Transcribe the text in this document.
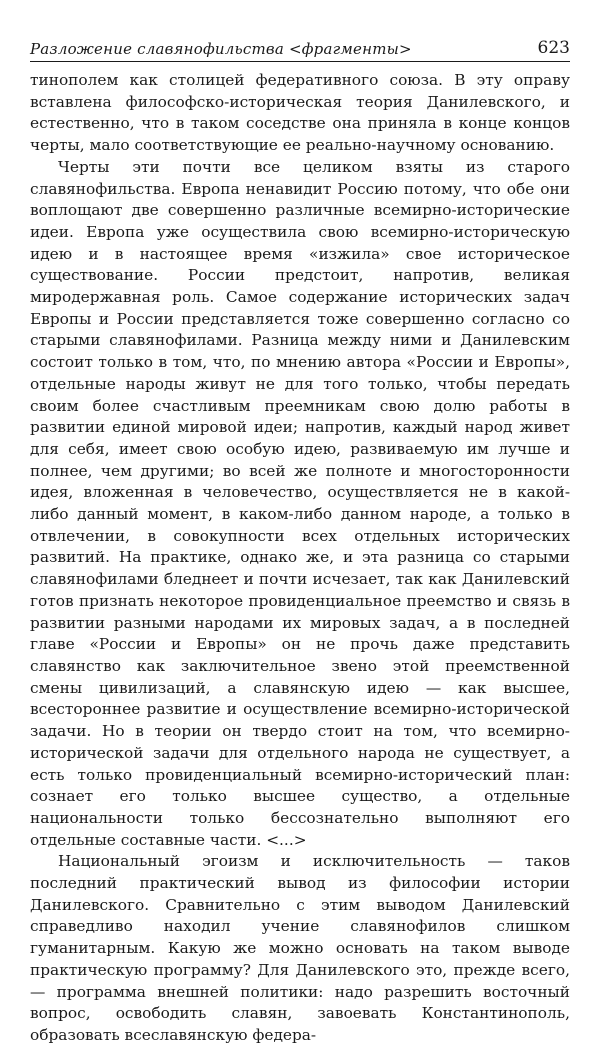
Разложение славянофильства <фрагменты>	623

тинополем как столицей федеративного союза. В эту оправу вставлена философско-историческая теория Данилевского, и естественно, что в таком соседстве она приняла в конце концов черты, мало соответствующие ее реально-научному основанию.

Черты эти почти все целиком взяты из старого славянофильства. Европа ненавидит Россию потому, что обе они воплощают две совершенно различные всемирно-исторические идеи. Европа уже осуществила свою всемирно-историческую идею и в настоящее время «изжила» свое историческое существование. России предстоит, напротив, великая миродержавная роль. Самое содержание исторических задач Европы и России представляется тоже совершенно согласно со старыми славянофилами. Разница между ними и Данилевским состоит только в том, что, по мнению автора «России и Европы», отдельные народы живут не для того только, чтобы передать своим более счастливым преемникам свою долю работы в развитии единой мировой идеи; напротив, каждый народ живет для себя, имеет свою особую идею, развиваемую им лучше и полнее, чем другими; во всей же полноте и многосторонности идея, вложенная в человечество, осуществляется не в какой-либо данный момент, в каком-либо данном народе, а только в отвлечении, в совокупности всех отдельных исторических развитий. На практике, однако же, и эта разница со старыми славянофилами бледнеет и почти исчезает, так как Данилевский готов признать некоторое провиденциальное преемство и связь в развитии разными народами их мировых задач, а в последней главе «России и Европы» он не прочь даже представить славянство как заключительное звено этой преемственной смены цивилизаций, а славянскую идею — как высшее, всестороннее развитие и осуществление всемирно-исторической задачи. Но в теории он твердо стоит на том, что всемирно-исторической задачи для отдельного народа не существует, а есть только провиденциальный всемирно-исторический план: сознает его только высшее существо, а отдельные национальности только бессознательно выполняют его отдельные составные части. <...>

Национальный эгоизм и исключительность — таков последний практический вывод из философии истории Данилевского. Сравнительно с этим выводом Данилевский справедливо находил учение славянофилов слишком гуманитарным. Какую же можно основать на таком выводе практическую программу? Для Данилевского это, прежде всего, — программа внешней политики: надо разрешить восточный вопрос, освободить славян, завоевать Константинополь, образовать всеславянскую федера-
